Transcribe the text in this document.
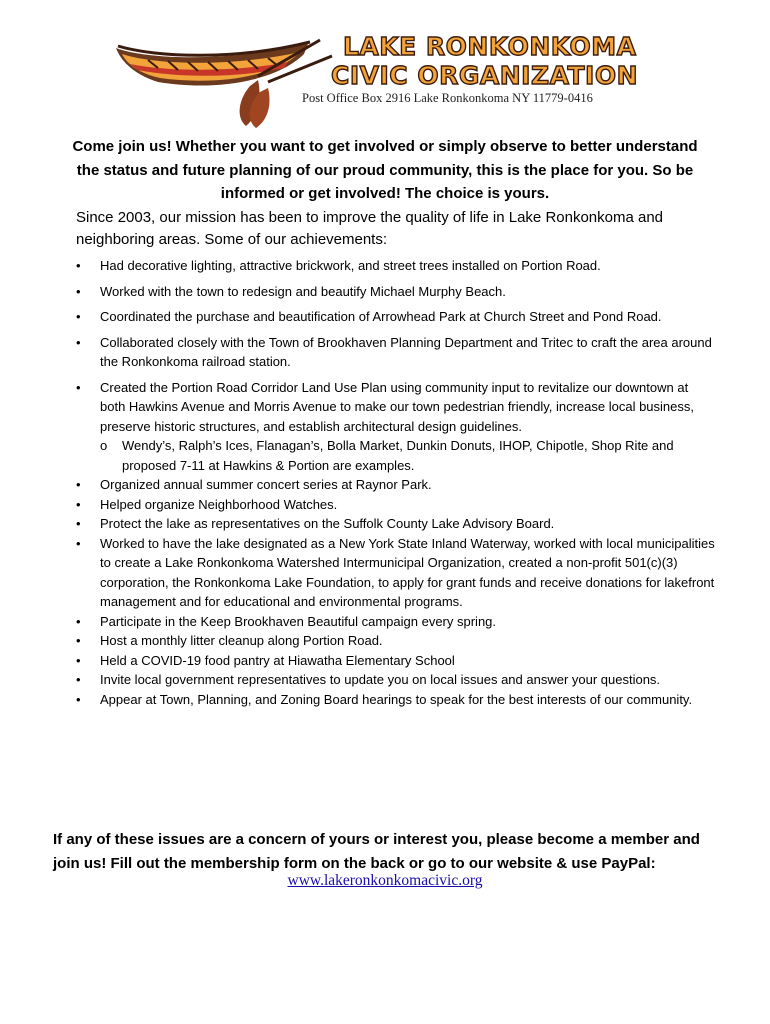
LAKE RONKONKOMA
CIVIC ORGANIZATION
Post Office Box 2916 Lake Ronkonkoma NY 11779-0416
Come join us! Whether you want to get involved or simply observe to better understand the status and future planning of our proud community, this is the place for you. So be informed or get involved! The choice is yours.
Since 2003, our mission has been to improve the quality of life in Lake Ronkonkoma and neighboring areas. Some of our achievements:
• Had decorative lighting, attractive brickwork, and street trees installed on Portion Road.
• Worked with the town to redesign and beautify Michael Murphy Beach.
• Coordinated the purchase and beautification of Arrowhead Park at Church Street and Pond Road.
• Collaborated closely with the Town of Brookhaven Planning Department and Tritec to craft the area around the Ronkonkoma railroad station.
• Created the Portion Road Corridor Land Use Plan using community input to revitalize our downtown at both Hawkins Avenue and Morris Avenue to make our town pedestrian friendly, increase local business, preserve historic structures, and establish architectural design guidelines.
o Wendy’s, Ralph’s Ices, Flanagan’s, Bolla Market, Dunkin Donuts, IHOP, Chipotle, Shop Rite and proposed 7-11 at Hawkins & Portion are examples.
• Organized annual summer concert series at Raynor Park.
• Helped organize Neighborhood Watches.
• Protect the lake as representatives on the Suffolk County Lake Advisory Board.
• Worked to have the lake designated as a New York State Inland Waterway, worked with local municipalities to create a Lake Ronkonkoma Watershed Intermunicipal Organization, created a non-profit 501(c)(3) corporation, the Ronkonkoma Lake Foundation, to apply for grant funds and receive donations for lakefront management and for educational and environmental programs.
• Participate in the Keep Brookhaven Beautiful campaign every spring.
• Host a monthly litter cleanup along Portion Road.
• Held a COVID-19 food pantry at Hiawatha Elementary School
• Invite local government representatives to update you on local issues and answer your questions.
• Appear at Town, Planning, and Zoning Board hearings to speak for the best interests of our community.
If any of these issues are a concern of yours or interest you, please become a member and join us! Fill out the membership form on the back or go to our website & use PayPal:
www.lakeronkonkomacivic.org
